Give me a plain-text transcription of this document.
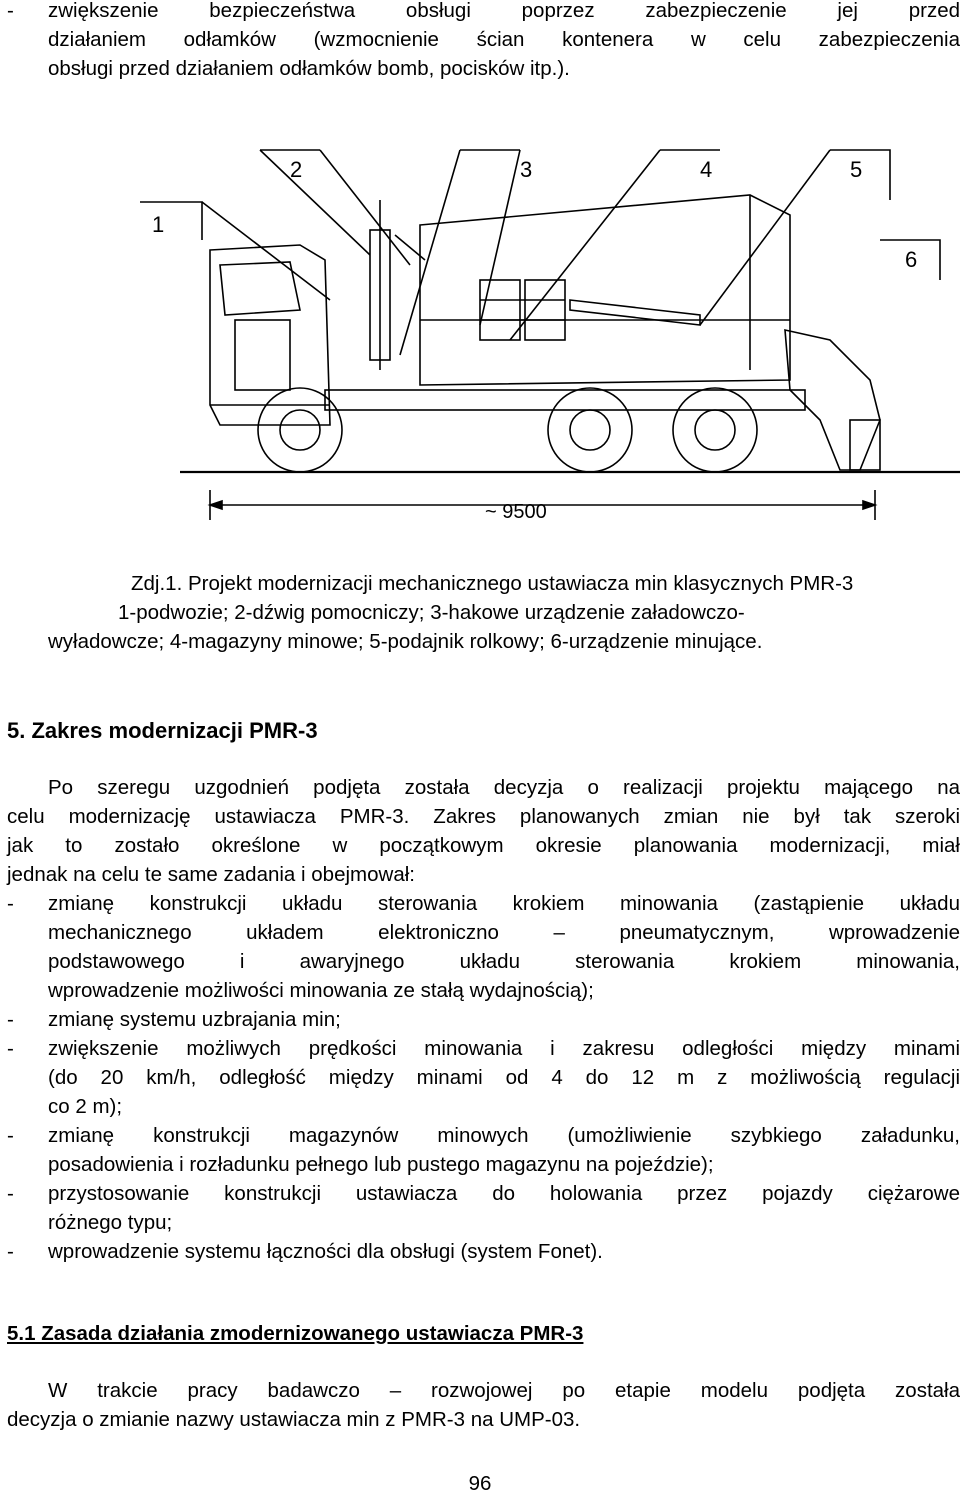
- zwiększenie bezpieczeństwa obsługi poprzez zabezpieczenie jej przed
działaniem odłamków (wzmocnienie ścian kontenera w celu zabezpieczenia
obsługi przed działaniem odłamków bomb, pocisków itp.).
1
2	3	4	5
6
~ 9500
Zdj.1. Projekt modernizacji mechanicznego ustawiacza min klasycznych PMR-3
1-podwozie; 2-dźwig pomocniczy; 3-hakowe urządzenie załadowczo-
wyładowcze; 4-magazyny minowe; 5-podajnik rolkowy; 6-urządzenie minujące.
5. Zakres modernizacji PMR-3
Po szeregu uzgodnień podjęta została decyzja o realizacji projektu mającego na
celu modernizację ustawiacza PMR-3. Zakres planowanych zmian nie był tak szeroki
jak to zostało określone w początkowym okresie planowania modernizacji, miał
jednak na celu te same zadania i obejmował:
- zmianę konstrukcji układu sterowania krokiem minowania (zastąpienie układu
mechanicznego układem elektroniczno – pneumatycznym, wprowadzenie
podstawowego i awaryjnego układu sterowania krokiem minowania,
wprowadzenie możliwości minowania ze stałą wydajnością);
- zmianę systemu uzbrajania min;
- zwiększenie możliwych prędkości minowania i zakresu odległości między minami
(do 20 km/h, odległość między minami od 4 do 12 m z możliwością regulacji
co 2 m);
- zmianę konstrukcji magazynów minowych (umożliwienie szybkiego załadunku,
posadowienia i rozładunku pełnego lub pustego magazynu na pojeździe);
- przystosowanie konstrukcji ustawiacza do holowania przez pojazdy ciężarowe
różnego typu;
- wprowadzenie systemu łączności dla obsługi (system Fonet).
5.1 Zasada działania zmodernizowanego ustawiacza PMR-3
W trakcie pracy badawczo – rozwojowej po etapie modelu podjęta została
decyzja o zmianie nazwy ustawiacza min z PMR-3 na UMP-03.
96
